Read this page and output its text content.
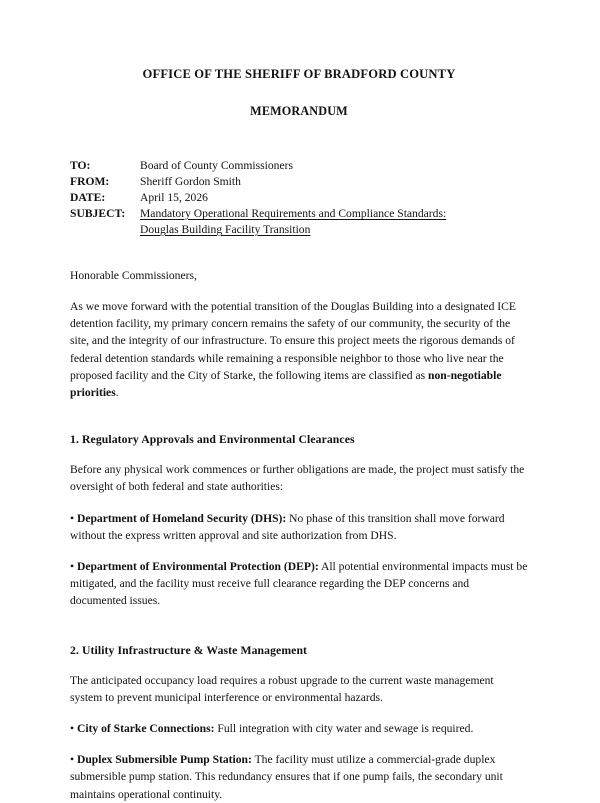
OFFICE OF THE SHERIFF OF BRADFORD COUNTY
MEMORANDUM
TO:	Board of County Commissioners
FROM:	Sheriff Gordon Smith
DATE:	April 15, 2026
SUBJECT:	Mandatory Operational Requirements and Compliance Standards:
Douglas Building Facility Transition
Honorable Commissioners,

As we move forward with the potential transition of the Douglas Building into a designated ICE detention facility, my primary concern remains the safety of our community, the security of the site, and the integrity of our infrastructure. To ensure this project meets the rigorous demands of federal detention standards while remaining a responsible neighbor to those who live near the proposed facility and the City of Starke, the following items are classified as non-negotiable priorities.

1. Regulatory Approvals and Environmental Clearances

Before any physical work commences or further obligations are made, the project must satisfy the oversight of both federal and state authorities:

• Department of Homeland Security (DHS): No phase of this transition shall move forward without the express written approval and site authorization from DHS.

• Department of Environmental Protection (DEP): All potential environmental impacts must be mitigated, and the facility must receive full clearance regarding the DEP concerns and documented issues.

2. Utility Infrastructure & Waste Management

The anticipated occupancy load requires a robust upgrade to the current waste management system to prevent municipal interference or environmental hazards.

• City of Starke Connections: Full integration with city water and sewage is required.

• Duplex Submersible Pump Station: The facility must utilize a commercial-grade duplex submersible pump station. This redundancy ensures that if one pump fails, the secondary unit maintains operational continuity.
